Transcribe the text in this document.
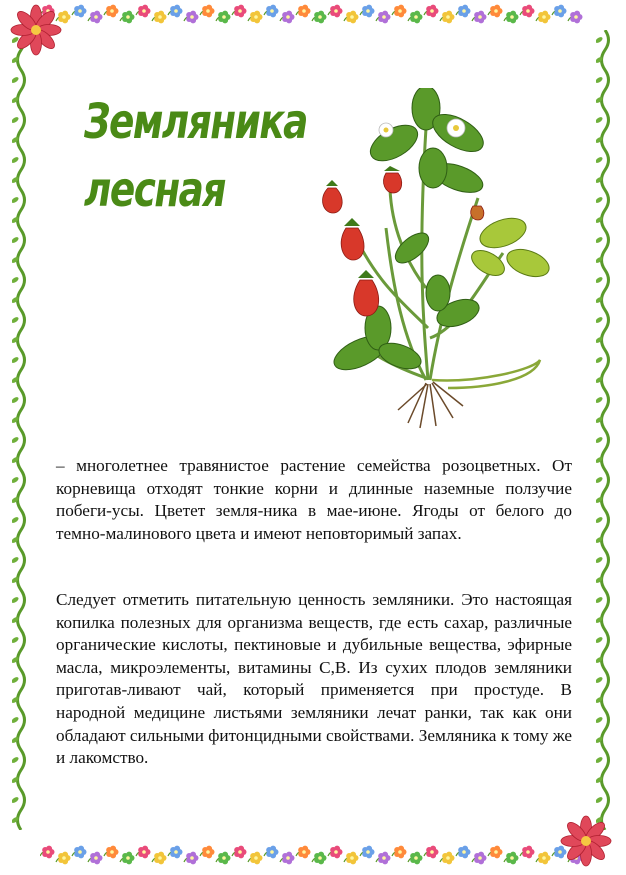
Земляника
лесная
– многолетнее травянистое растение семейства розоцветных. От корневища отходят тонкие корни и длинные наземные ползучие побеги-усы. Цветет земля-ника в мае-июне. Ягоды от белого до темно-малинового цвета и имеют неповторимый запах.
Следует отметить питательную ценность земляники. Это настоящая копилка полезных для организма веществ, где есть сахар, различные органические кислоты, пектиновые и дубильные вещества, эфирные масла, микроэлементы, витамины С,В. Из сухих плодов земляники приготав-ливают чай, который применяется при простуде. В народной медицине листьями земляники лечат ранки, так как они обладают сильными фитонцидными свойствами. Земляника к тому же и лакомство.
